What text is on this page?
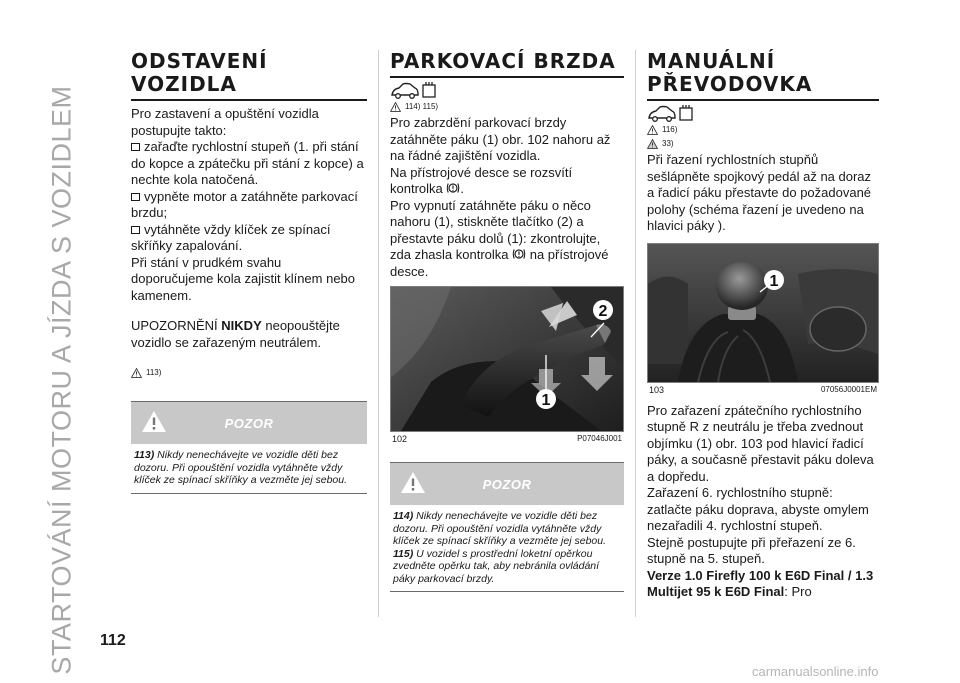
STARTOVÁNÍ MOTORU A JÍZDA S VOZIDLEM 112
carmanualsonline.info
ODSTAVENÍ
VOZIDLA

Pro zastavení a opuštění vozidla postupujte takto:

zařaďte rychlostní stupeň (1. při stání do kopce a zpátečku při stání z kopce) a nechte kola natočená.

vypněte motor a zatáhněte parkovací brzdu;

vytáhněte vždy klíček ze spínací skříňky zapalování.

Při stání v prudkém svahu doporučujeme kola zajistit klínem nebo kamenem.

UPOZORNĚNÍ NIKDY neopouštějte vozidlo se zařazeným neutrálem.

113)
POZOR
113) Nikdy nenechávejte ve vozidle děti bez dozoru. Při opouštění vozidla vytáhněte vždy klíček ze spínací skříňky a vezměte jej sebou.
PARKOVACÍ BRZDA
114) 115)

Pro zabrzdění parkovací brzdy zatáhněte páku (1) obr. 102 nahoru až na řádné zajištění vozidla.

Na přístrojové desce se rozsvítí kontrolka .

Pro vypnutí zatáhněte páku o něco nahoru (1), stiskněte tlačítko (2) a přestavte páku dolů (1): zkontrolujte, zda zhasla kontrolka  na přístrojové desce.

1
2
102	P07046J001
POZOR
114) Nikdy nenechávejte ve vozidle děti bez dozoru. Při opouštění vozidla vytáhněte vždy klíček ze spínací skříňky a vezměte jej sebou.
115) U vozidel s prostřední loketní opěrkou zvedněte opěrku tak, aby nebránila ovládání páky parkovací brzdy.
MANUÁLNÍ
PŘEVODOVKA
116)
33)

Při řazení rychlostních stupňů sešlápněte spojkový pedál až na doraz a řadicí páku přestavte do požadované polohy (schéma řazení je uvedeno na hlavici páky ).

1
103	07056J0001EM

Pro zařazení zpátečního rychlostního stupně R z neutrálu je třeba zvednout objímku (1) obr. 103 pod hlavicí řadicí páky, a současně přestavit páku doleva a dopředu.

Zařazení 6. rychlostního stupně: zatlačte páku doprava, abyste omylem nezařadili 4. rychlostní stupeň.

Stejně postupujte při přeřazení ze 6. stupně na 5. stupeň.

Verze 1.0 Firefly 100 k E6D Final / 1.3 Multijet 95 k E6D Final: Pro
